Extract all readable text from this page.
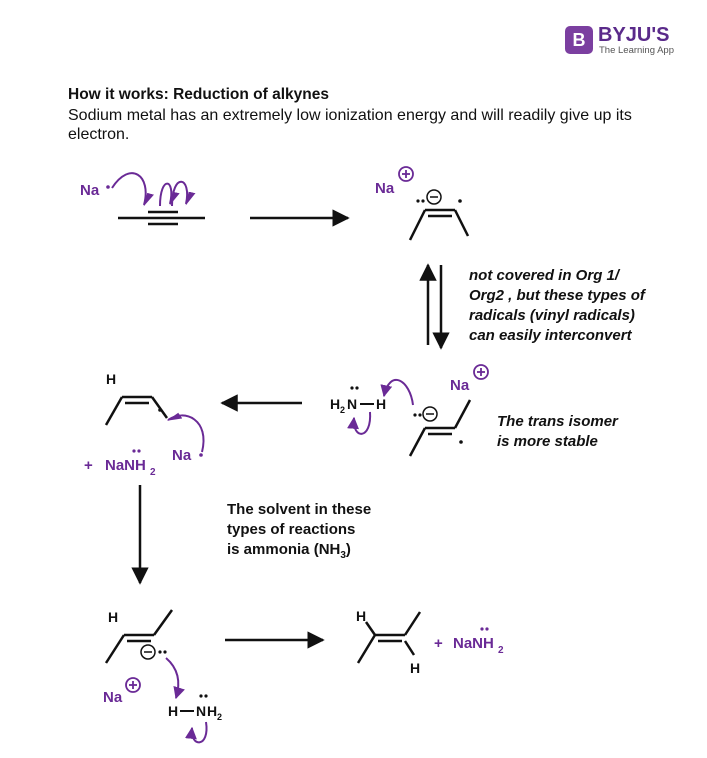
B BYJU'S
The Learning App
How it works: Reduction of alkynes
Sodium metal has an extremely low ionization energy and will readily give up its electron.
not covered in Org 1/
Org2 , but these types of
radicals (vinyl radicals)
can easily interconvert
The trans isomer
is more stable
The solvent in these
types of reactions
is ammonia $(NH_3)$
Na	Na
Na
H 2 N H
H
Na
+ NaNH 2
H
Na
H N H 2
H
H
+ NaNH 2
